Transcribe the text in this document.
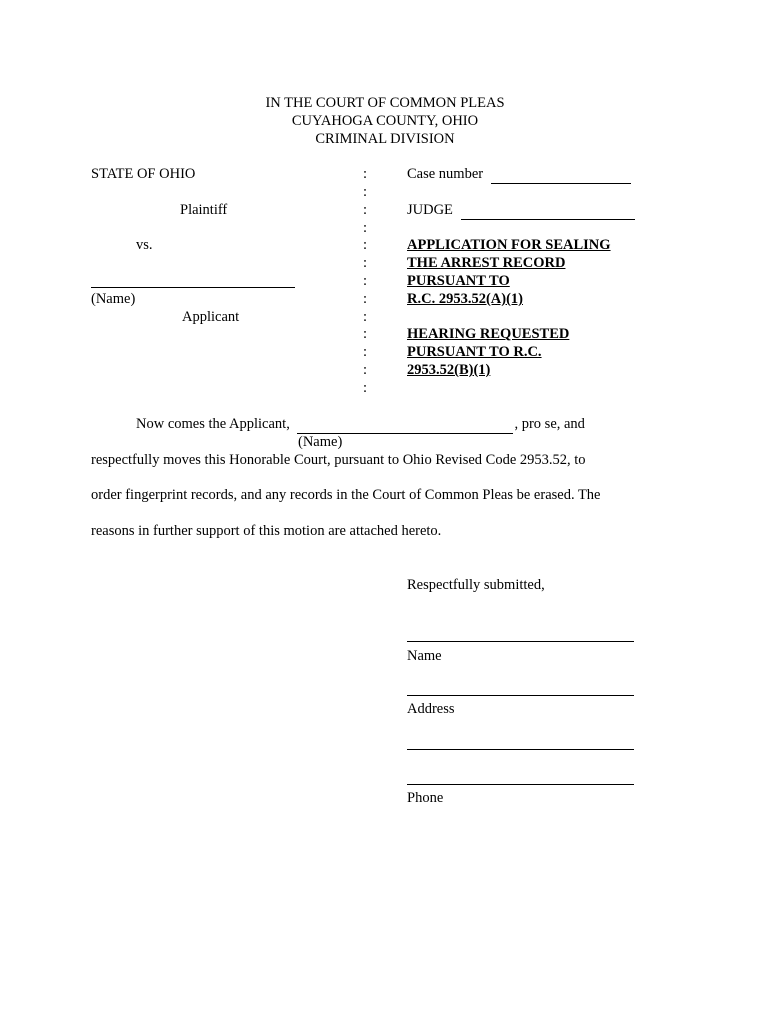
IN THE COURT OF COMMON PLEAS
CUYAHOGA COUNTY, OHIO
CRIMINAL DIVISION
STATE OF OHIO
Plaintiff
vs.
(Name)
Applicant
:
:
:
:
:
:
:
:
:
:
:
:
:
Case number
JUDGE
APPLICATION FOR SEALING
THE ARREST RECORD
PURSUANT TO
R.C. 2953.52(A)(1)
HEARING REQUESTED
PURSUANT TO R.C.
2953.52(B)(1)
Now comes the Applicant,	, pro se, and
(Name)
respectfully moves this Honorable Court, pursuant to Ohio Revised Code 2953.52, to
order fingerprint records, and any records in the Court of Common Pleas be erased. The
reasons in further support of this motion are attached hereto.
Respectfully submitted,
Name
Address
Phone
